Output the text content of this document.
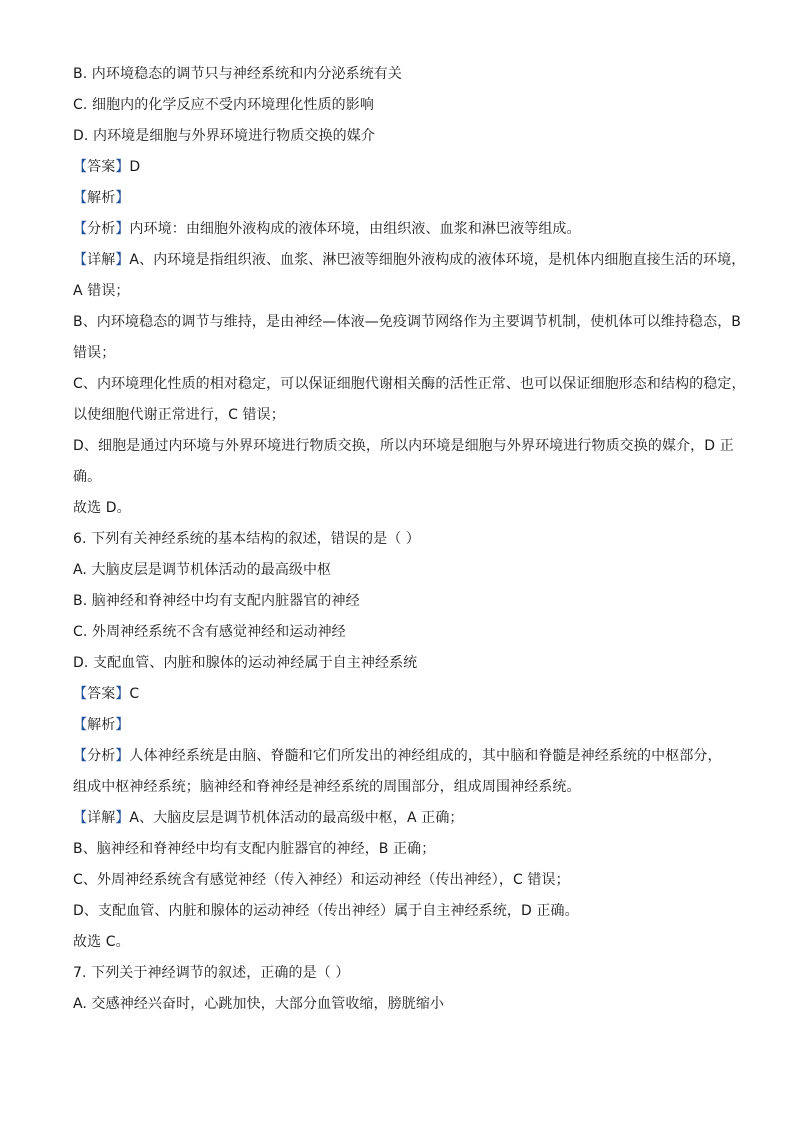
B. 内环境稳态的调节只与神经系统和内分泌系统有关
C. 细胞内的化学反应不受内环境理化性质的影响
D. 内环境是细胞与外界环境进行物质交换的媒介
【答案】D
【解析】
【分析】内环境：由细胞外液构成的液体环境，由组织液、血浆和淋巴液等组成。
【详解】A、内环境是指组织液、血浆、淋巴液等细胞外液构成的液体环境，是机体内细胞直接生活的环境，
A 错误；
B、内环境稳态的调节与维持，是由神经—体液—免疫调节网络作为主要调节机制，使机体可以维持稳态，B
错误；
C、内环境理化性质的相对稳定，可以保证细胞代谢相关酶的活性正常、也可以保证细胞形态和结构的稳定，
以使细胞代谢正常进行，C 错误；
D、细胞是通过内环境与外界环境进行物质交换，所以内环境是细胞与外界环境进行物质交换的媒介，D 正
确。
故选 D。
6. 下列有关神经系统的基本结构的叙述，错误的是（ ）
A. 大脑皮层是调节机体活动的最高级中枢
B. 脑神经和脊神经中均有支配内脏器官的神经
C. 外周神经系统不含有感觉神经和运动神经
D. 支配血管、内脏和腺体的运动神经属于自主神经系统
【答案】C
【解析】
【分析】人体神经系统是由脑、脊髓和它们所发出的神经组成的，其中脑和脊髓是神经系统的中枢部分，
组成中枢神经系统；脑神经和脊神经是神经系统的周围部分，组成周围神经系统。
【详解】A、大脑皮层是调节机体活动的最高级中枢，A 正确；
B、脑神经和脊神经中均有支配内脏器官的神经，B 正确；
C、外周神经系统含有感觉神经（传入神经）和运动神经（传出神经），C 错误；
D、支配血管、内脏和腺体的运动神经（传出神经）属于自主神经系统，D 正确。
故选 C。
7. 下列关于神经调节的叙述，正确的是（ ）
A. 交感神经兴奋时，心跳加快，大部分血管收缩，膀胱缩小
